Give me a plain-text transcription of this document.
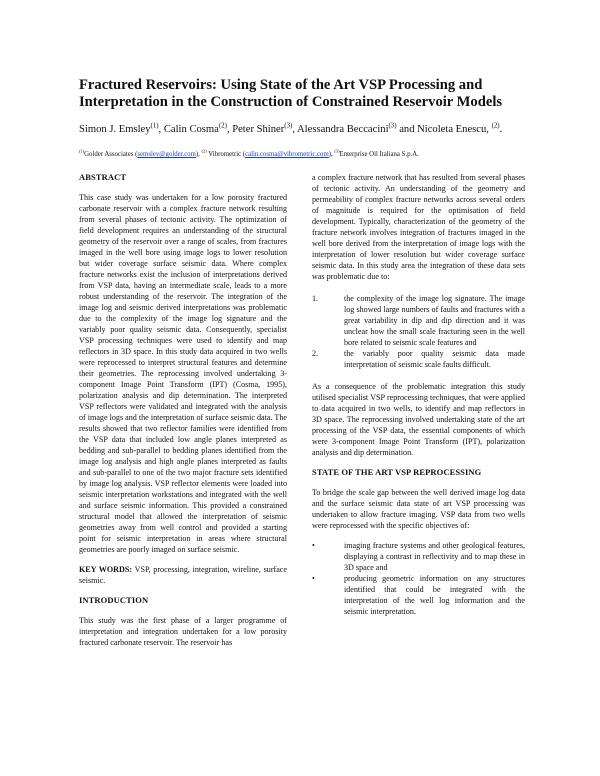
Fractured Reservoirs: Using State of the Art VSP Processing and Interpretation in the Construction of Constrained Reservoir Models
Simon J. Emsley$^{(1)}$, Calin Cosma$^{(2)}$, Peter Shiner$^{(3)}$, Alessandra Beccacini$^{(3)}$ and Nicoleta Enescu, $^{(2)}$.
$^{(1)}$Golder Associates (semsley@golder.com), $^{(2)}$ Vibrometric (calin.cosma@vibrometric.com), $^{(3)}$Enterprise Oil Italiana S.p.A.
ABSTRACT

This case study was undertaken for a low porosity fractured carbonate reservoir with a complex fracture network resulting from several phases of tectonic activity. The optimization of field development requires an understanding of the structural geometry of the reservoir over a range of scales, from fractures imaged in the well bore using image logs to lower resolution but wider coverage surface seismic data. Where complex fracture networks exist the inclusion of interpretations derived from VSP data, having an intermediate scale, leads to a more robust understanding of the reservoir. The integration of the image log and seismic derived interpretations was problematic due to the complexity of the image log signature and the variably poor quality seismic data. Consequently, specialist VSP processing techniques were used to identify and map reflectors in 3D space. In this study data acquired in two wells were reprocessed to interpret structural features and determine their geometries. The reprocessing involved undertaking 3-component Image Point Transform (IPT) (Cosma, 1995), polarization analysis and dip determination. The interpreted VSP reflectors were validated and integrated with the analysis of image logs and the interpretation of surface seismic data. The results showed that two reflector families were identified from the VSP data that included low angle planes interpreted as bedding and sub-parallel to bedding planes identified from the image log analysis and high angle planes interpreted as faults and sub-parallel to one of the two major fracture sets identified by image log analysis. VSP reflector elements were loaded into seismic interpretation workstations and integrated with the well and surface seismic information. This provided a constrained structural model that allowed the interpretation of seismic geometries away from well control and provided a starting point for seismic interpretation in areas where structural geometries are poorly imaged on surface seismic.

KEY WORDS: VSP, processing, integration, wireline, surface seismic.

INTRODUCTION

This study was the first phase of a larger programme of interpretation and integration undertaken for a low porosity fractured carbonate reservoir. The reservoir has

a complex fracture network that has resulted from several phases of tectonic activity. An understanding of the geometry and permeability of complex fracture networks across several orders of magnitude is required for the optimisation of field development. Typically, characterization of the geometry of the fracture network involves integration of fractures imaged in the well bore derived from the interpretation of image logs with the interpretation of lower resolution but wider coverage surface seismic data. In this study area the integration of these data sets was problematic due to:

1.	the complexity of the image log signature. The image log showed large numbers of faults and fractures with a great variability in dip and dip direction and it was unclear how the small scale fracturing seen in the well bore related to seismic scale features and
2.	the variably poor quality seismic data made interpretation of seismic scale faults difficult.

As a consequence of the problematic integration this study utilised specialist VSP reprocessing techniques, that were applied to data acquired in two wells, to identify and map reflectors in 3D space. The reprocessing involved undertaking state of the art processing of the VSP data, the essential components of which were 3-component Image Point Transform (IPT), polarization analysis and dip determination.

STATE OF THE ART VSP REPROCESSING

To bridge the scale gap between the well derived image log data and the surface seismic data state of art VSP processing was undertaken to allow fracture imaging. VSP data from two wells were reprocessed with the specific objectives of:

•	imaging fracture systems and other geological features, displaying a contrast in reflectivity and to map these in 3D space and
•	producing geometric information on any structures identified that could be integrated with the interpretation of the well log information and the seismic interpretation.
